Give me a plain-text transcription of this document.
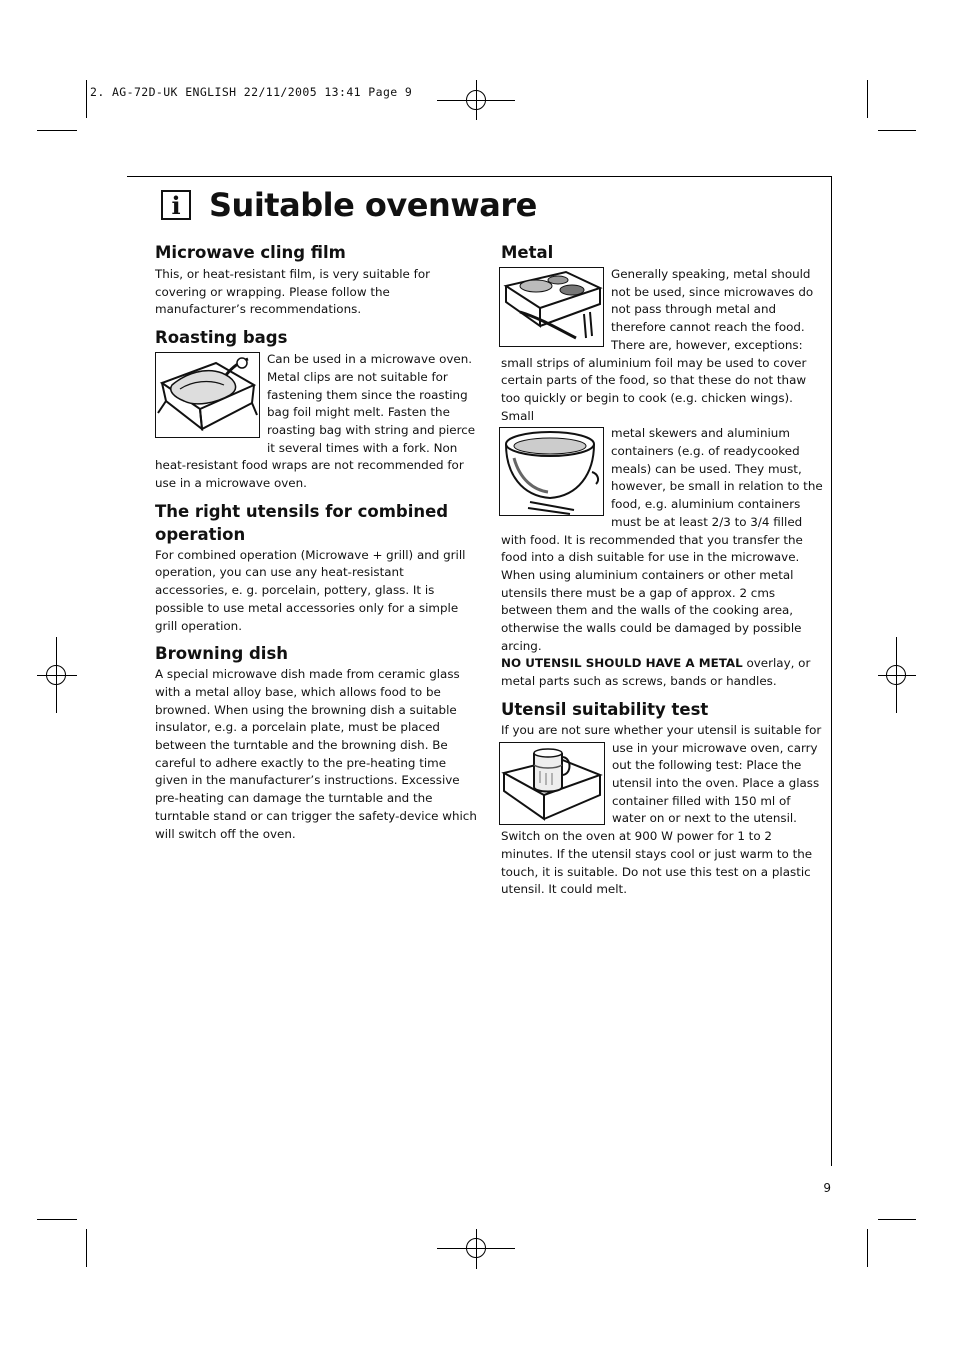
2. AG-72D-UK ENGLISH 22/11/2005 13:41 Page 9
i Suitable ovenware
Microwave cling film

This, or heat-resistant film, is very suitable for covering or wrapping. Please follow the manufacturer’s recommendations.

Roasting bags

Can be used in a microwave oven. Metal clips are not suitable for fastening them since the roasting bag foil might melt. Fasten the roasting bag with string and pierce it several times with a fork. Non heat-resistant food wraps are not recommended for use in a microwave oven.

The right utensils for combined operation

For combined operation (Microwave + grill) and grill operation, you can use any heat-resistant accessories, e. g. porcelain, pottery, glass. It is possible to use metal accessories only for a simple grill operation.

Browning dish

A special microwave dish made from ceramic glass with a metal alloy base, which allows food to be browned. When using the browning dish a suitable insulator, e.g. a porcelain plate, must be placed between the turntable and the browning dish. Be careful to adhere exactly to the pre-heating time given in the manufacturer’s instructions. Excessive pre-heating can damage the turntable and the turntable stand or can trigger the safety-device which will switch off the oven.

Metal

Generally speaking, metal should not be used, since microwaves do not pass through metal and therefore cannot reach the food. There are, however, exceptions: small strips of aluminium foil may be used to cover certain parts of the food, so that these do not thaw too quickly or begin to cook (e.g. chicken wings). Small

metal skewers and aluminium containers (e.g. of readycooked meals) can be used. They must, however, be small in relation to the food, e.g. aluminium containers must be at least 2/3 to 3/4 filled with food. It is recommended that you transfer the food into a dish suitable for use in the microwave. When using aluminium containers or other metal utensils there must be a gap of approx. 2 cms between them and the walls of the cooking area, otherwise the walls could be damaged by possible arcing.

NO UTENSIL SHOULD HAVE A METAL overlay, or metal parts such as screws, bands or handles.

Utensil suitability test

If you are not sure whether your utensil is suitable for

use in your microwave oven, carry out the following test: Place the utensil into the oven. Place a glass container filled with 150 ml of water on or next to the utensil. Switch on the oven at 900 W power for 1 to 2 minutes. If the utensil stays cool or just warm to the touch, it is suitable. Do not use this test on a plastic utensil. It could melt.

9
